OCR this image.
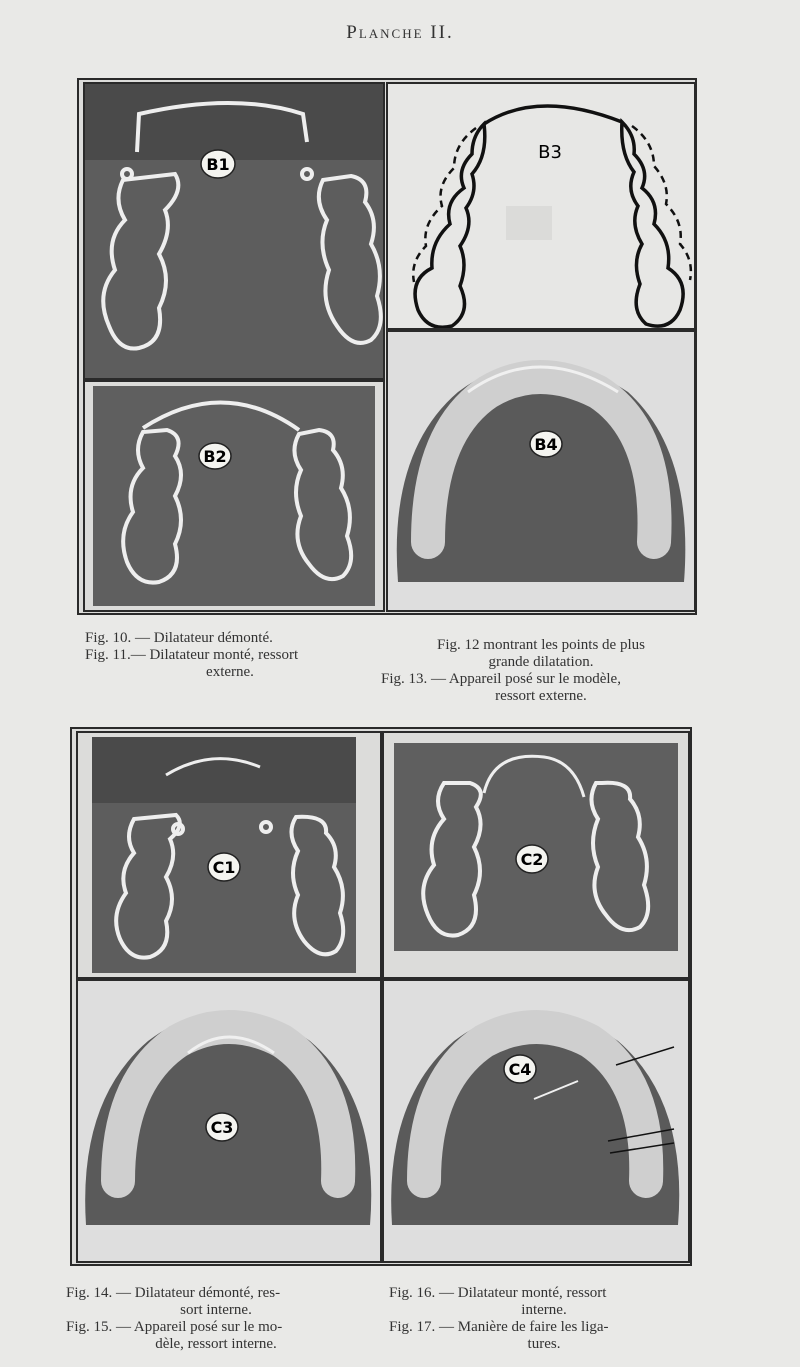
Planche II.
B1
B3
B2
B4

Fig. 10. — Dilatateur démonté.

Fig. 11.— Dilatateur monté, ressort

externe.

Fig. 12 montrant les points de plus

grande dilatation.

Fig. 13. — Appareil posé sur le modèle,

ressort externe.

C1	C2
C3
C4

Fig. 14. — Dilatateur démonté, res-

sort interne.

Fig. 15. — Appareil posé sur le mo-

dèle, ressort interne.

Fig. 16. — Dilatateur monté, ressort

interne.

Fig. 17. — Manière de faire les liga-

tures.
